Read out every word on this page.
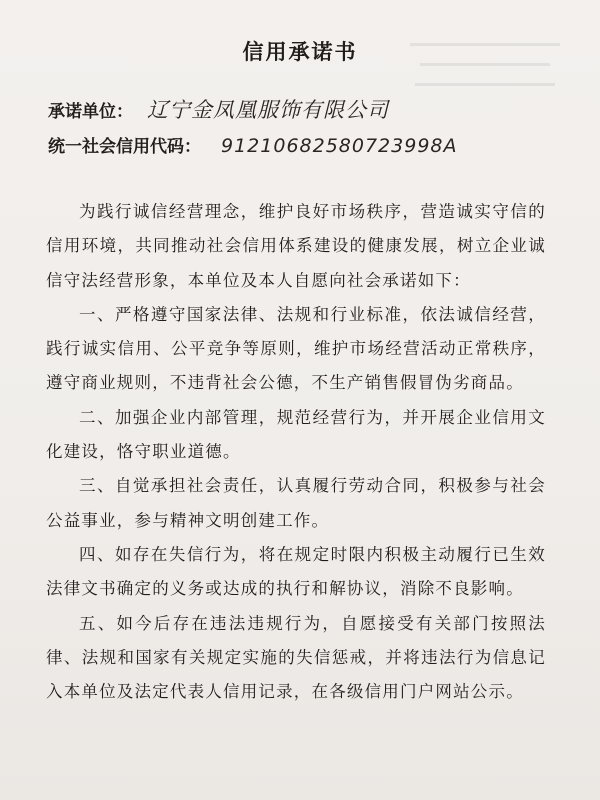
信用承诺书
承诺单位： 辽宁金凤凰服饰有限公司
统一社会信用代码： 91210682580723998A

为践行诚信经营理念，维护良好市场秩序，营造诚实守信的信用环境，共同推动社会信用体系建设的健康发展，树立企业诚信守法经营形象，本单位及本人自愿向社会承诺如下：

一、严格遵守国家法律、法规和行业标准，依法诚信经营，践行诚实信用、公平竞争等原则，维护市场经营活动正常秩序，遵守商业规则，不违背社会公德，不生产销售假冒伪劣商品。

二、加强企业内部管理，规范经营行为，并开展企业信用文化建设，恪守职业道德。

三、自觉承担社会责任，认真履行劳动合同，积极参与社会公益事业，参与精神文明创建工作。

四、如存在失信行为，将在规定时限内积极主动履行已生效法律文书确定的义务或达成的执行和解协议，消除不良影响。

五、如今后存在违法违规行为，自愿接受有关部门按照法律、法规和国家有关规定实施的失信惩戒，并将违法行为信息记入本单位及法定代表人信用记录，在各级信用门户网站公示。
